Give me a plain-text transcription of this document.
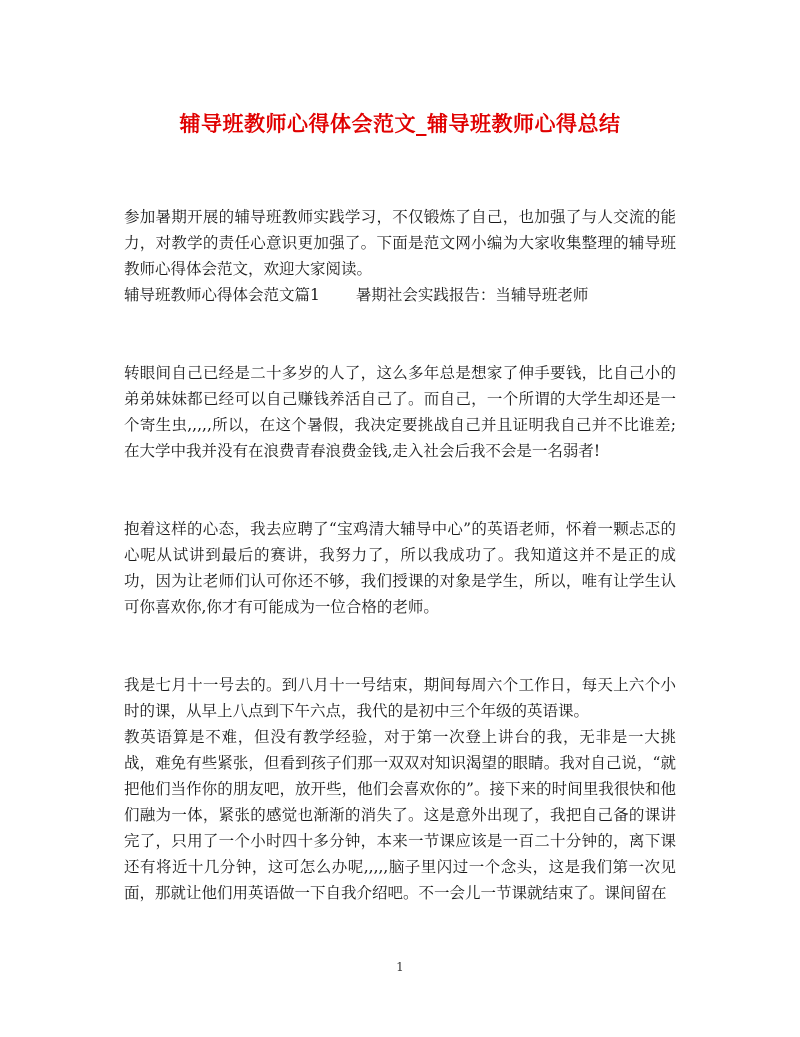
辅导班教师心得体会范文_辅导班教师心得总结

参加暑期开展的辅导班教师实践学习，不仅锻炼了自己，也加强了与人交流的能力，对教学的责任心意识更加强了。下面是范文网小编为大家收集整理的辅导班教师心得体会范文，欢迎大家阅读。

辅导班教师心得体会范文篇1 暑期社会实践报告：当辅导班老师

转眼间自己已经是二十多岁的人了，这么多年总是想家了伸手要钱，比自己小的弟弟妹妹都已经可以自己赚钱养活自己了。而自己，一个所谓的大学生却还是一个寄生虫,,,,,所以，在这个暑假，我决定要挑战自己并且证明我自己并不比谁差;在大学中我并没有在浪费青春浪费金钱,走入社会后我不会是一名弱者!

抱着这样的心态，我去应聘了“宝鸡清大辅导中心”的英语老师，怀着一颗忐忑的心呢从试讲到最后的赛讲，我努力了，所以我成功了。我知道这并不是正的成功，因为让老师们认可你还不够，我们授课的对象是学生，所以，唯有让学生认可你喜欢你,你才有可能成为一位合格的老师。

我是七月十一号去的。到八月十一号结束，期间每周六个工作日，每天上六个小时的课，从早上八点到下午六点，我代的是初中三个年级的英语课。

教英语算是不难，但没有教学经验，对于第一次登上讲台的我，无非是一大挑战，难免有些紧张，但看到孩子们那一双双对知识渴望的眼睛。我对自己说，“就把他们当作你的朋友吧，放开些，他们会喜欢你的”。接下来的时间里我很快和他们融为一体，紧张的感觉也渐渐的消失了。这是意外出现了，我把自己备的课讲完了，只用了一个小时四十多分钟，本来一节课应该是一百二十分钟的，离下课还有将近十几分钟，这可怎么办呢,,,,,脑子里闪过一个念头，这是我们第一次见面，那就让他们用英语做一下自我介绍吧。不一会儿一节课就结束了。课间留在

1
